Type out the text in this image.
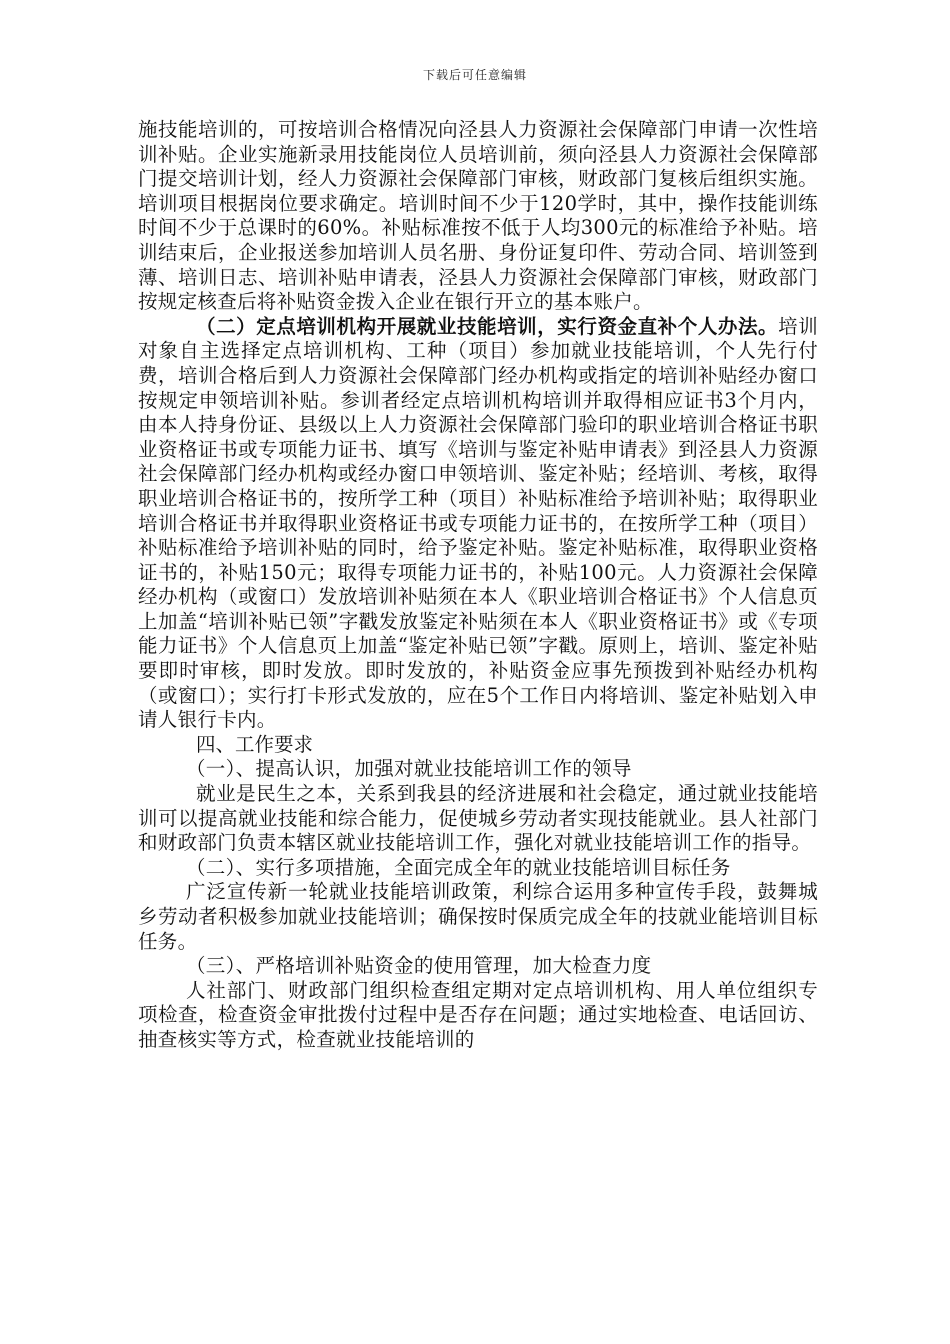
下载后可任意编辑

施技能培训的，可按培训合格情况向泾县人力资源社会保障部门申请一次性培训补贴。企业实施新录用技能岗位人员培训前，须向泾县人力资源社会保障部门提交培训计划，经人力资源社会保障部门审核，财政部门复核后组织实施。培训项目根据岗位要求确定。培训时间不少于120学时，其中，操作技能训练时间不少于总课时的60%。补贴标准按不低于人均300元的标准给予补贴。培训结束后，企业报送参加培训人员名册、身份证复印件、劳动合同、培训签到薄、培训日志、培训补贴申请表，泾县人力资源社会保障部门审核，财政部门按规定核查后将补贴资金拨入企业在银行开立的基本账户。

（二）定点培训机构开展就业技能培训，实行资金直补个人办法。培训对象自主选择定点培训机构、工种（项目）参加就业技能培训，个人先行付费，培训合格后到人力资源社会保障部门经办机构或指定的培训补贴经办窗口按规定申领培训补贴。参训者经定点培训机构培训并取得相应证书3个月内，由本人持身份证、县级以上人力资源社会保障部门验印的职业培训合格证书职业资格证书或专项能力证书、填写《培训与鉴定补贴申请表》到泾县人力资源社会保障部门经办机构或经办窗口申领培训、鉴定补贴；经培训、考核，取得职业培训合格证书的，按所学工种（项目）补贴标准给予培训补贴；取得职业培训合格证书并取得职业资格证书或专项能力证书的，在按所学工种（项目）补贴标准给予培训补贴的同时，给予鉴定补贴。鉴定补贴标准，取得职业资格证书的，补贴150元；取得专项能力证书的，补贴100元。人力资源社会保障经办机构（或窗口）发放培训补贴须在本人《职业培训合格证书》个人信息页上加盖“培训补贴已领”字戳发放鉴定补贴须在本人《职业资格证书》或《专项能力证书》个人信息页上加盖“鉴定补贴已领”字戳。原则上，培训、鉴定补贴要即时审核，即时发放。即时发放的，补贴资金应事先预拨到补贴经办机构（或窗口）；实行打卡形式发放的，应在5个工作日内将培训、鉴定补贴划入申请人银行卡内。

四、工作要求

（一）、提高认识，加强对就业技能培训工作的领导

就业是民生之本，关系到我县的经济进展和社会稳定，通过就业技能培训可以提高就业技能和综合能力，促使城乡劳动者实现技能就业。县人社部门和财政部门负责本辖区就业技能培训工作，强化对就业技能培训工作的指导。

（二）、实行多项措施，全面完成全年的就业技能培训目标任务

广泛宣传新一轮就业技能培训政策，利综合运用多种宣传手段，鼓舞城乡劳动者积极参加就业技能培训；确保按时保质完成全年的技就业能培训目标任务。

（三）、严格培训补贴资金的使用管理，加大检查力度

人社部门、财政部门组织检查组定期对定点培训机构、用人单位组织专项检查，检查资金审批拨付过程中是否存在问题；通过实地检查、电话回访、抽查核实等方式，检查就业技能培训的
